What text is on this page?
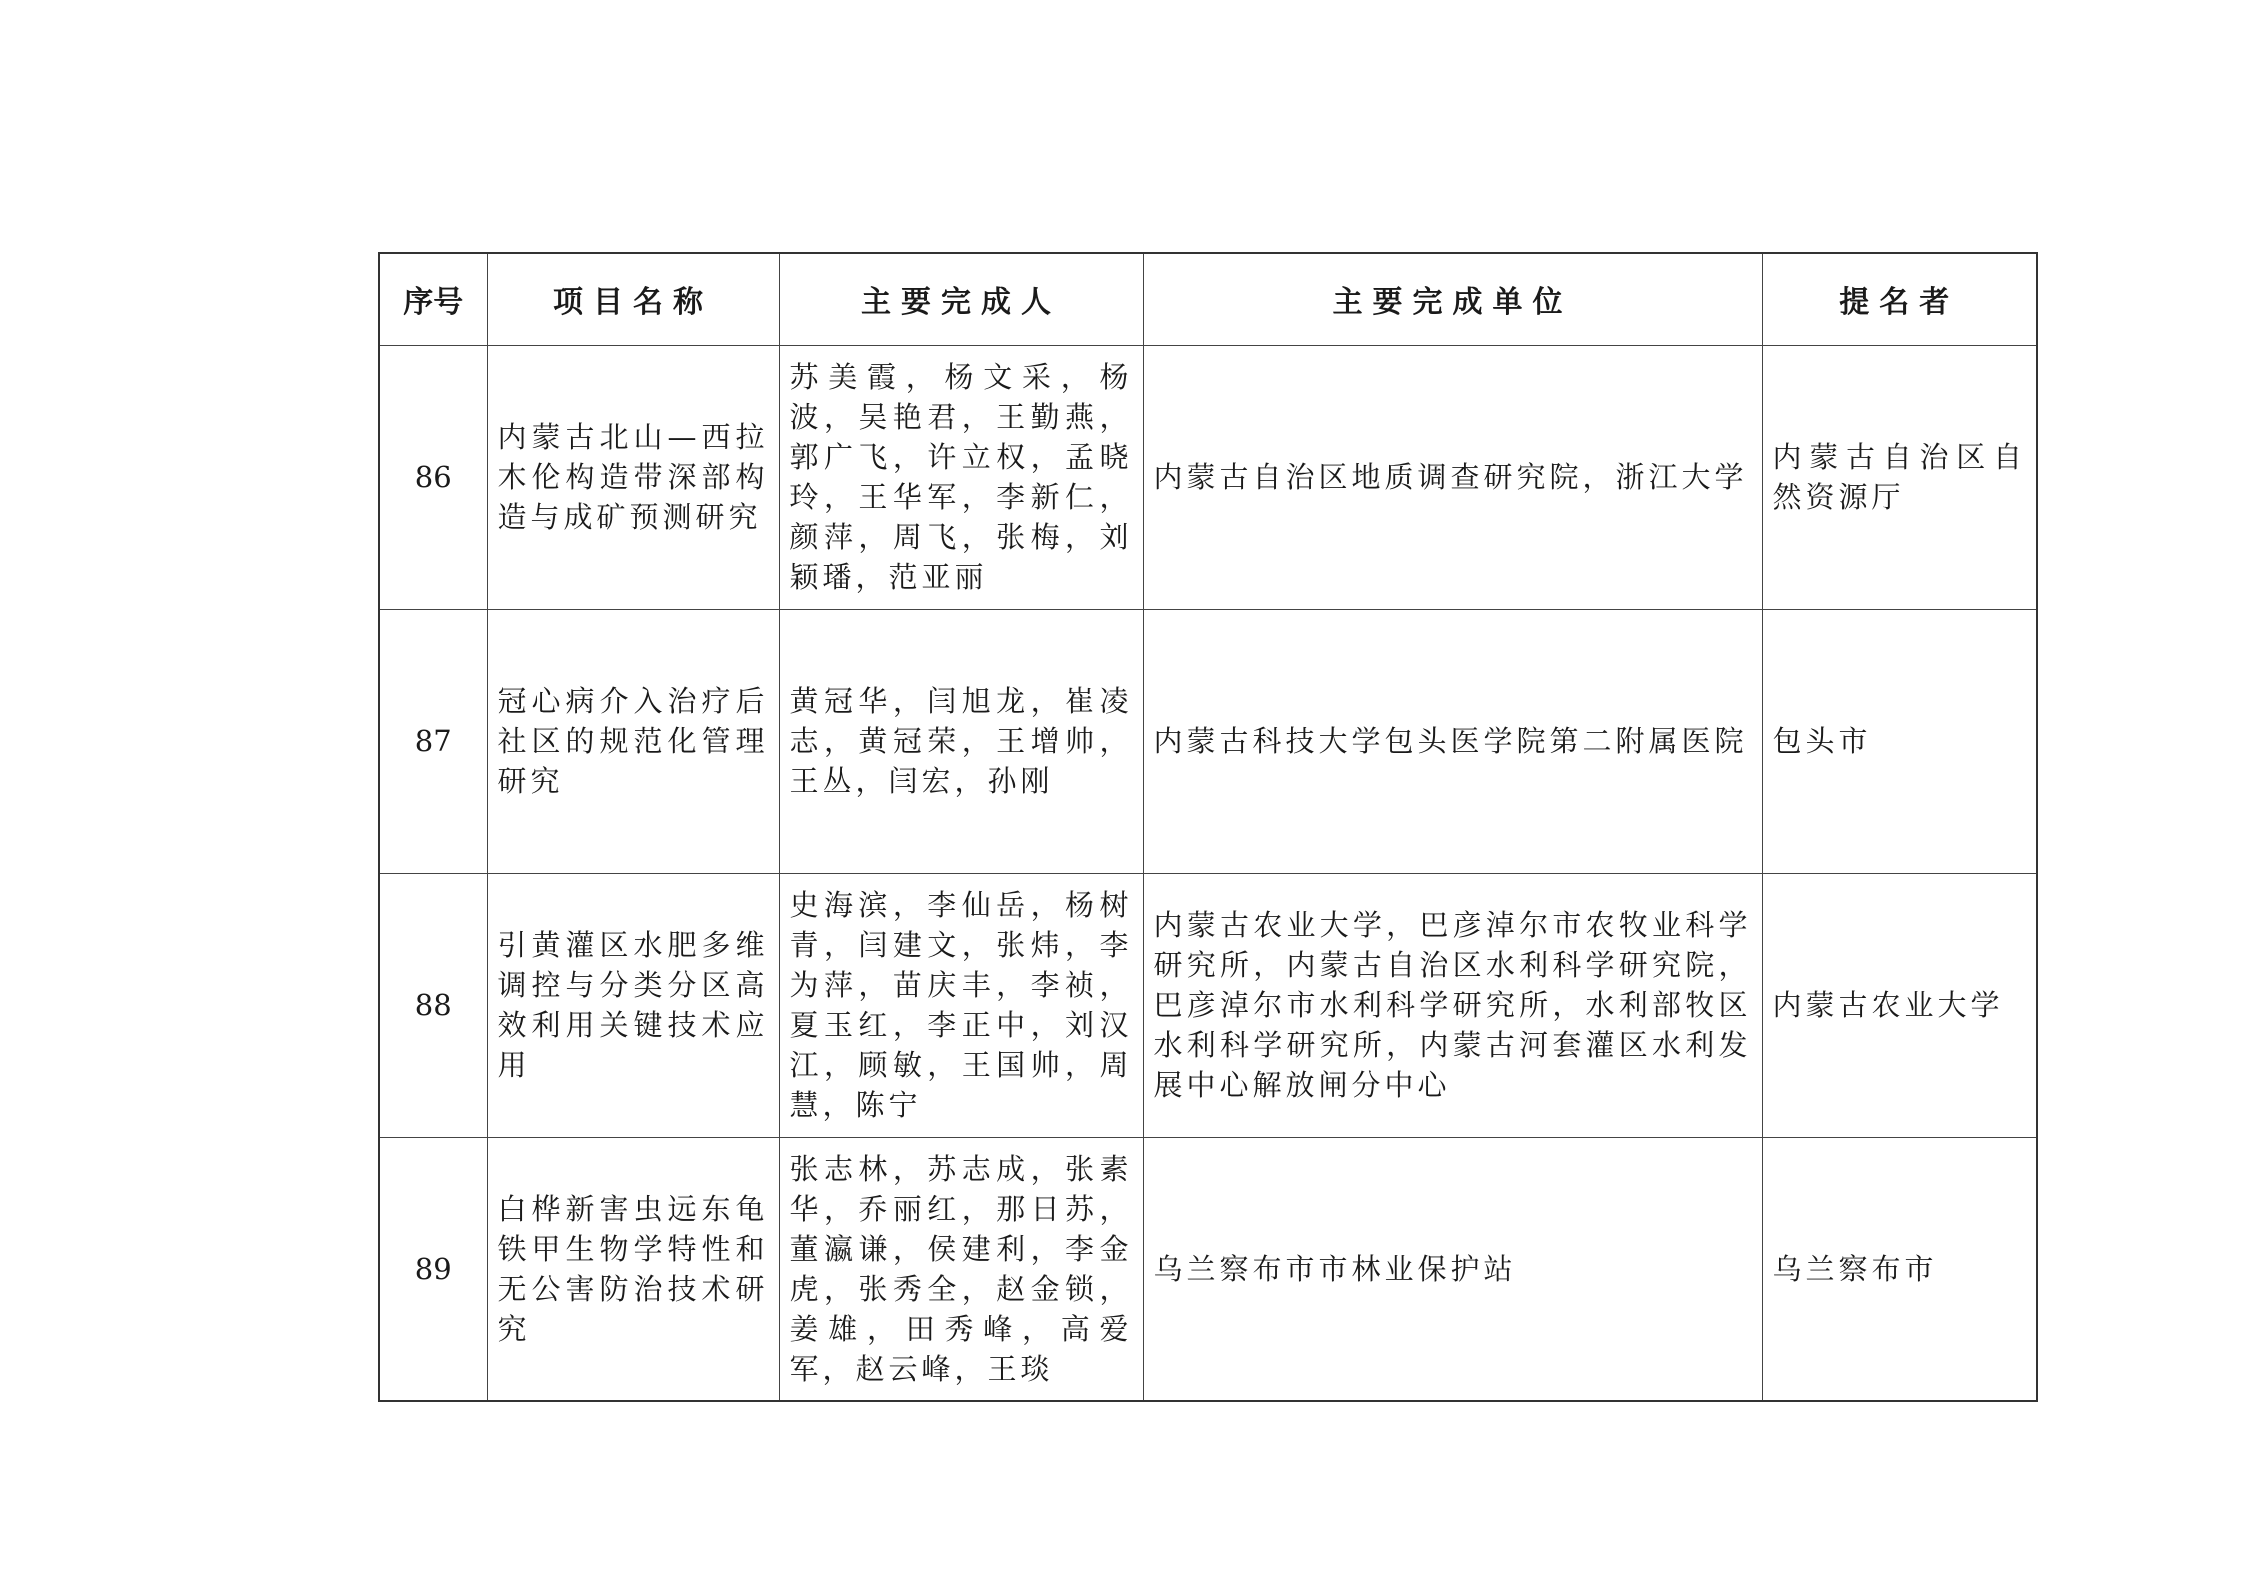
序号	项目名称	主要完成人	主要完成单位	提名者
86	内蒙古北山—西拉木伦构造带深部构造与成矿预测研究	苏美霞，杨文采，杨波，吴艳君，王勤燕，郭广飞，许立权，孟晓玲，王华军，李新仁，颜萍，周飞，张梅，刘颖璠，范亚丽	内蒙古自治区地质调查研究院，浙江大学	内蒙古自治区自然资源厅
87	冠心病介入治疗后社区的规范化管理研究	黄冠华，闫旭龙，崔凌志，黄冠荣，王增帅，王丛，闫宏，孙刚	内蒙古科技大学包头医学院第二附属医院	包头市
88	引黄灌区水肥多维调控与分类分区高效利用关键技术应用	史海滨，李仙岳，杨树青，闫建文，张炜，李为萍，苗庆丰，李祯，夏玉红，李正中，刘汉江，顾敏，王国帅，周慧，陈宁	内蒙古农业大学，巴彦淖尔市农牧业科学研究所，内蒙古自治区水利科学研究院，巴彦淖尔市水利科学研究所，水利部牧区水利科学研究所，内蒙古河套灌区水利发展中心解放闸分中心	内蒙古农业大学
89	白桦新害虫远东龟铁甲生物学特性和无公害防治技术研究	张志林，苏志成，张素华，乔丽红，那日苏，董瀛谦，侯建利，李金虎，张秀全，赵金锁，姜雄，田秀峰，高爱军，赵云峰，王琰	乌兰察布市市林业保护站	乌兰察布市
